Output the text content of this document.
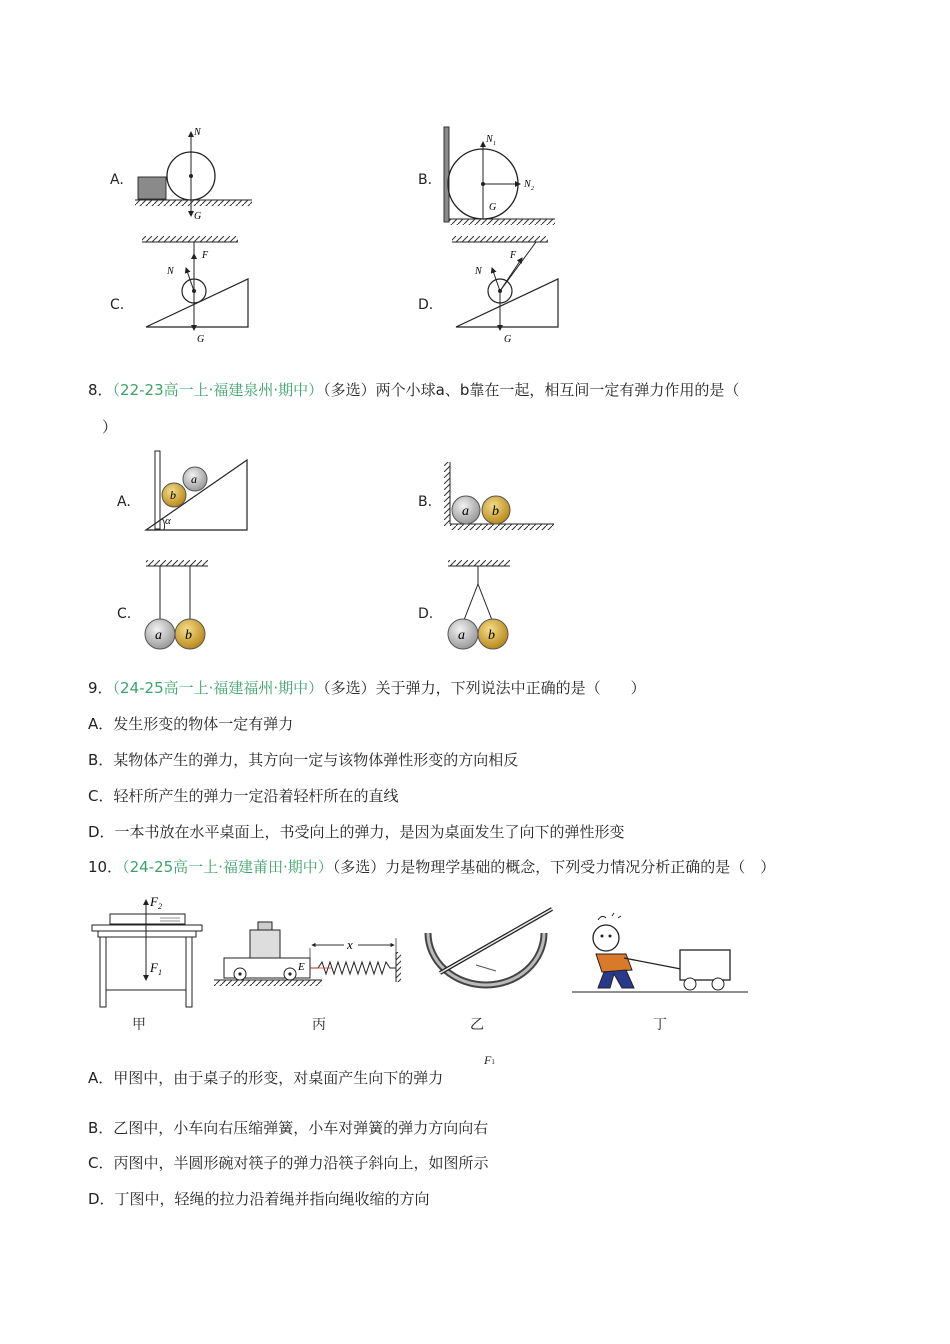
A.	B.
C.	D.
N
G
N 1
N 2
G
F
N
G
F
N
G
8．（22-23高一上·福建泉州·期中）（多选）两个小球a、b靠在一起，相互间一定有弹力作用的是（
）
A.	B.
C.	D.
a
b
α
a b
a b	a b
9．（24-25高一上·福建福州·期中）（多选）关于弹力，下列说法中正确的是（　　）
A．发生形变的物体一定有弹力
B．某物体产生的弹力，其方向一定与该物体弹性形变的方向相反
C．轻杆所产生的弹力一定沿着轻杆所在的直线
D．一本书放在水平桌面上，书受向上的弹力，是因为桌面发生了向下的弹性形变
10．（24-25高一上·福建莆田·期中）（多选）力是物理学基础的概念，下列受力情况分析正确的是（　）
F 2
F 1
甲
x
E
丙	乙	丁
A．甲图中，由于桌子的形变，对桌面产生向下的弹力
F1
B．乙图中，小车向右压缩弹簧，小车对弹簧的弹力方向向右
C．丙图中，半圆形碗对筷子的弹力沿筷子斜向上，如图所示
D．丁图中，轻绳的拉力沿着绳并指向绳收缩的方向
